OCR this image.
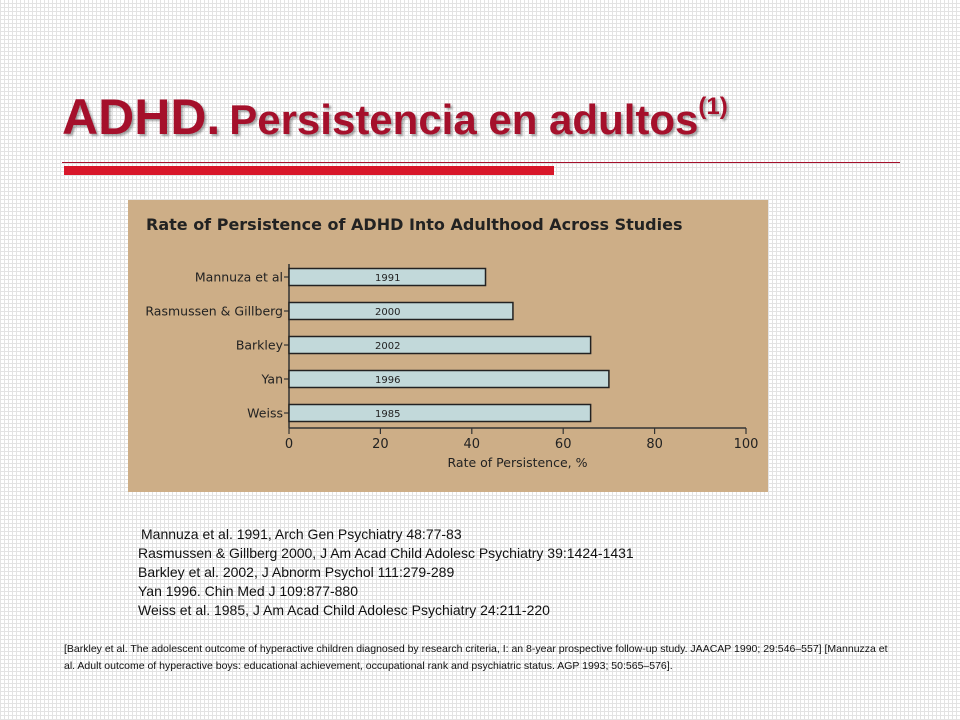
ADHD. Persistencia en adultos$^{(1)}$
Rate of Persistence of ADHD Into Adulthood Across Studies
Mannuza et al	1991
Rasmussen & Gillberg	2000
Barkley	2002
Yan	1996
Weiss	1985
0	20	40	60	80	100
Rate of Persistence, %
Mannuza et al. 1991, Arch Gen Psychiatry 48:77-83
Rasmussen & Gillberg 2000, J Am Acad Child Adolesc Psychiatry 39:1424-1431
Barkley et al. 2002, J Abnorm Psychol 111:279-289
Yan 1996. Chin Med J 109:877-880
Weiss et al. 1985, J Am Acad Child Adolesc Psychiatry 24:211-220
[Barkley et al. The adolescent outcome of hyperactive children diagnosed by research criteria, I: an 8-year prospective follow-up study. JAACAP 1990; 29:546–557] [Mannuzza et al. Adult outcome of hyperactive boys: educational achievement, occupational rank and psychiatric status. AGP 1993; 50:565–576].
